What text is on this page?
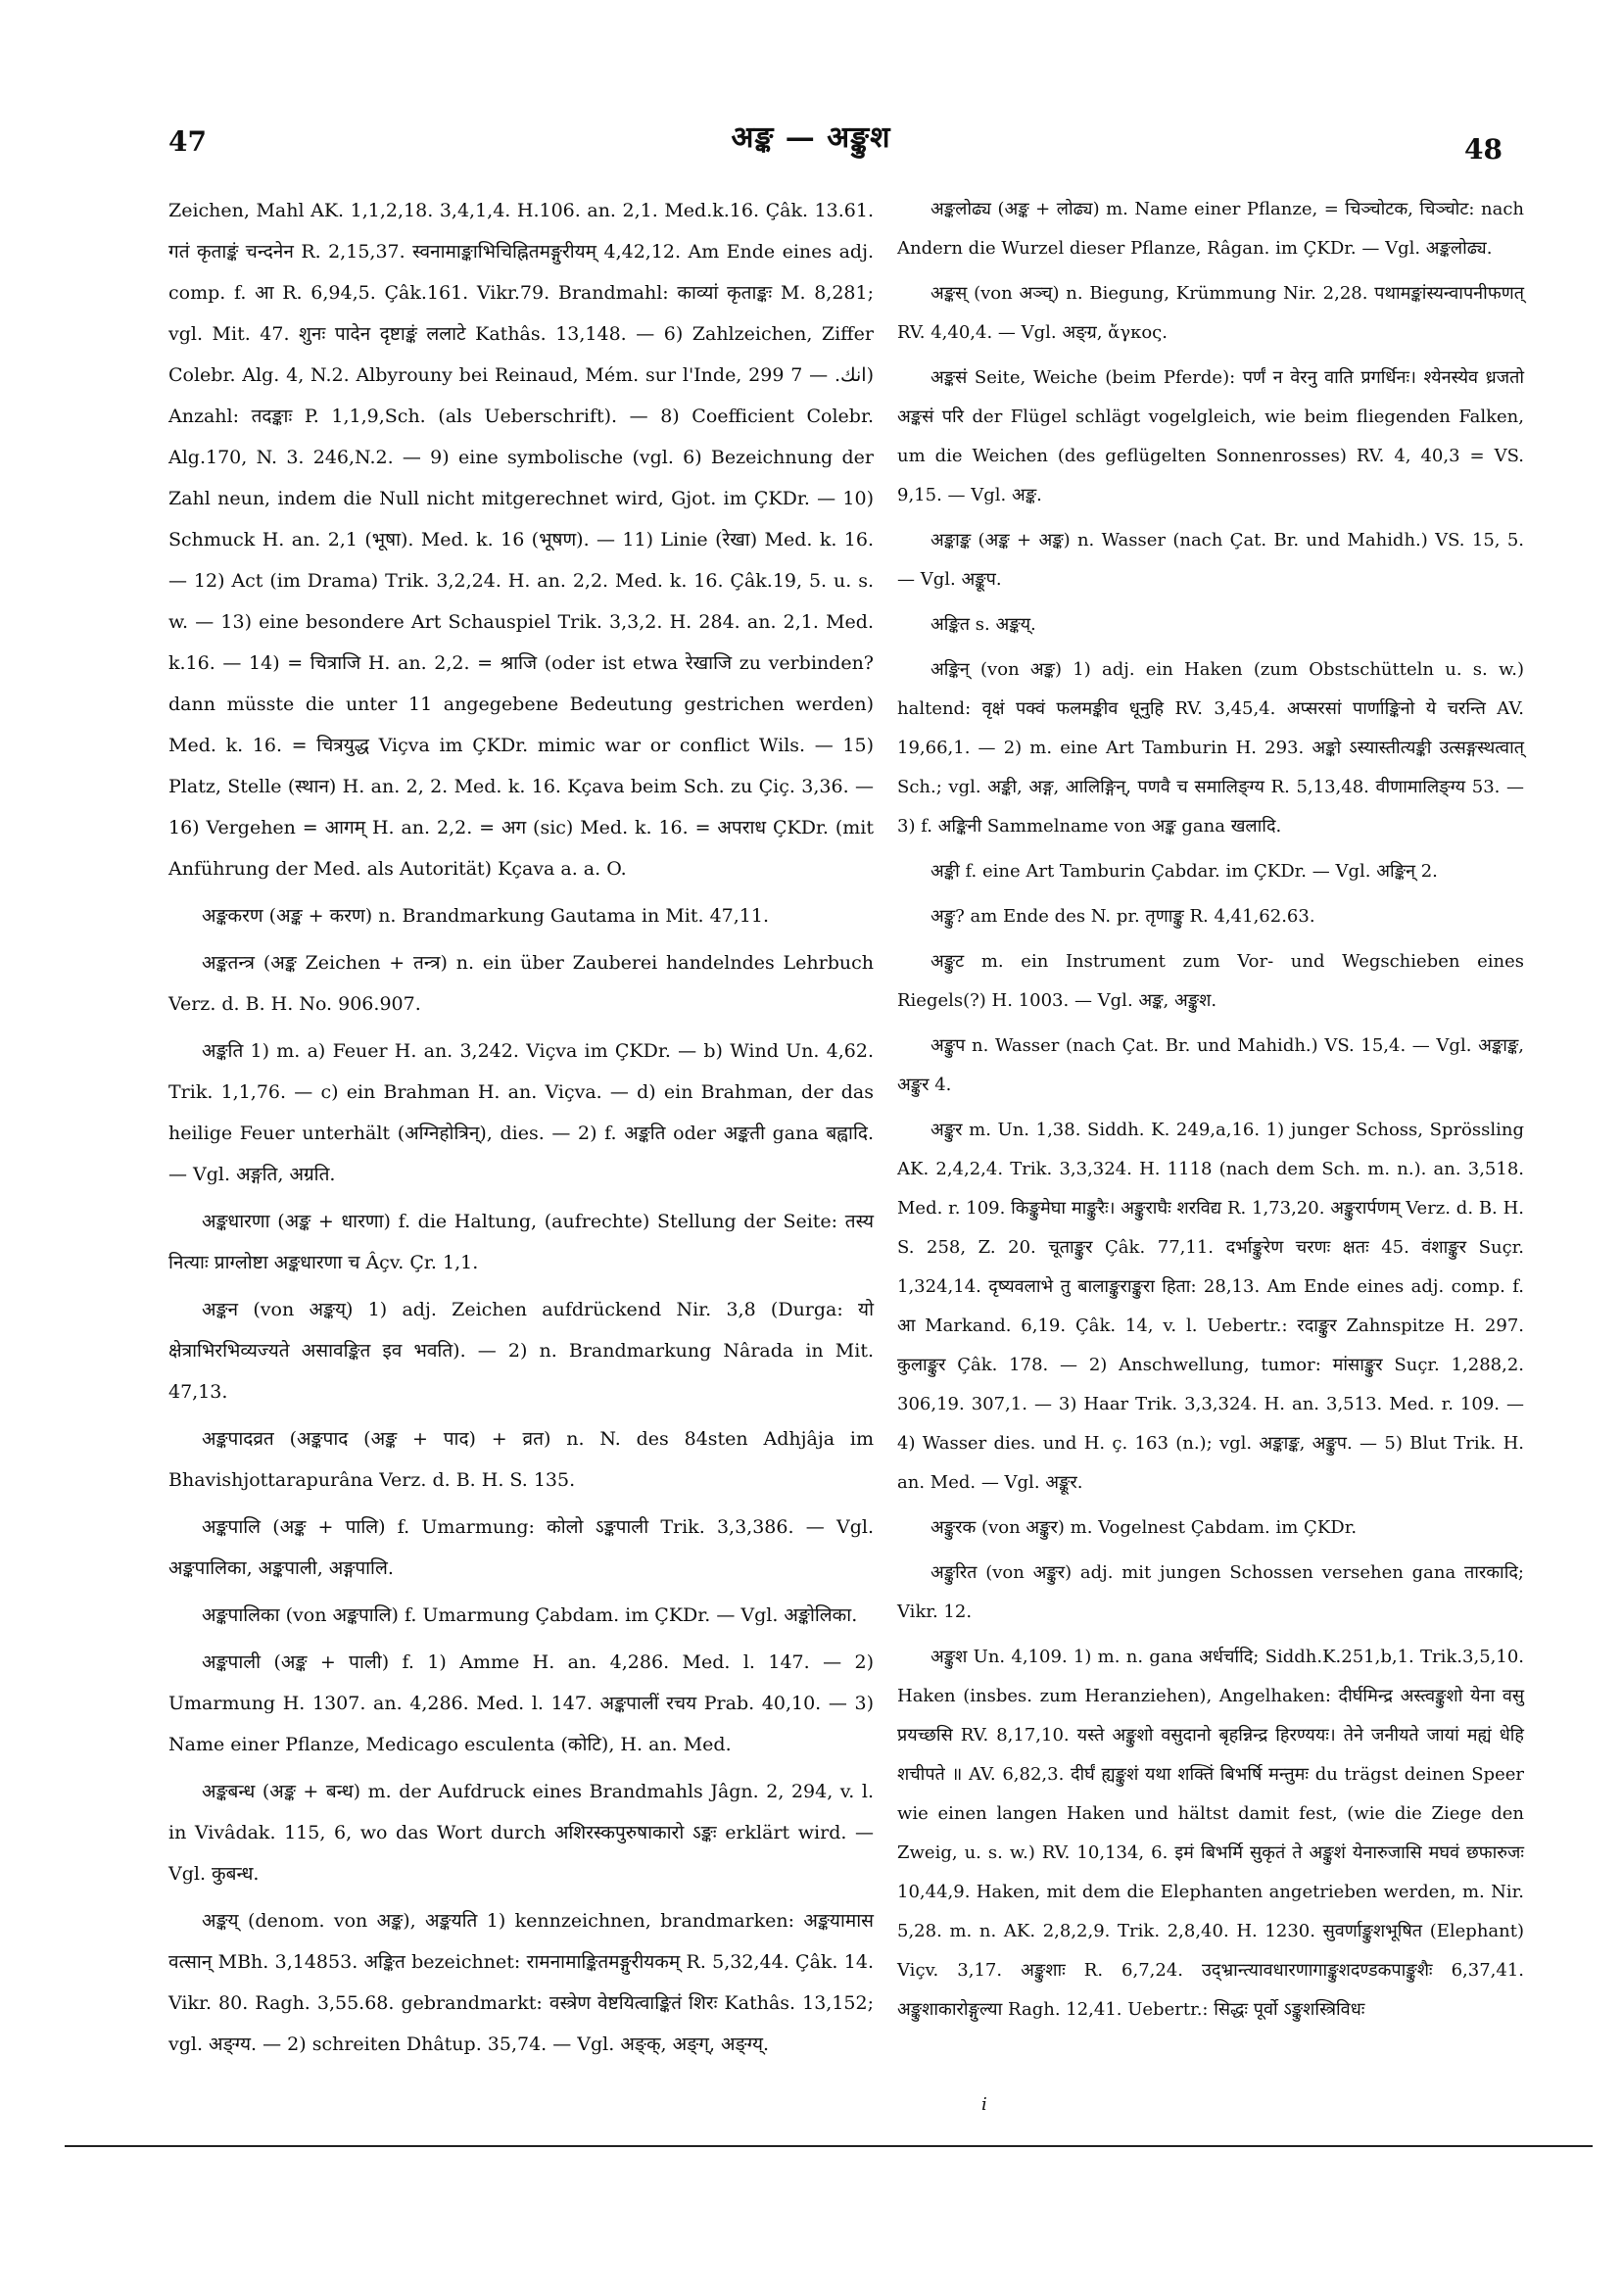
47	अङ्क — अङ्कुश	48

Zeichen, Mahl AK. 1,1,2,18. 3,4,1,4. H.106. an. 2,1. Med.k.16. Çâk. 13.61. गतं कृताङ्कं चन्दनेन R. 2,15,37. स्वनामाङ्काभिचिह्नितमङ्गुरीयम् 4,42,12. Am Ende eines adj. comp. f. आ R. 6,94,5. Çâk.161. Vikr.79. Brandmahl: काव्यां कृताङ्कः M. 8,281; vgl. Mit. 47. शुनः पादेन दृष्टाङ्कं ललाटे Kathâs. 13,148. — 6) Zahlzeichen, Ziffer Colebr. Alg. 4, N.2. Albyrouny bei Reinaud, Mém. sur l'Inde, 299 انك. — 7) Anzahl: तदङ्काः P. 1,1,9,Sch. (als Ueberschrift). — 8) Coefficient Colebr. Alg.170, N. 3. 246,N.2. — 9) eine symbolische (vgl. 6) Bezeichnung der Zahl neun, indem die Null nicht mitgerechnet wird, Gjot. im ÇKDr. — 10) Schmuck H. an. 2,1 (भूषा). Med. k. 16 (भूषण). — 11) Linie (रेखा) Med. k. 16. — 12) Act (im Drama) Trik. 3,2,24. H. an. 2,2. Med. k. 16. Çâk.19, 5. u. s. w. — 13) eine besondere Art Schauspiel Trik. 3,3,2. H. 284. an. 2,1. Med. k.16. — 14) = चित्राजि H. an. 2,2. = श्राजि (oder ist etwa रेखाजि zu verbinden? dann müsste die unter 11 angegebene Bedeutung gestrichen werden) Med. k. 16. = चित्रयुद्ध Viçva im ÇKDr. mimic war or conflict Wils. — 15) Platz, Stelle (स्थान) H. an. 2, 2. Med. k. 16. Kçava beim Sch. zu Çiç. 3,36. — 16) Vergehen = आगम् H. an. 2,2. = अग (sic) Med. k. 16. = अपराध ÇKDr. (mit Anführung der Med. als Autorität) Kçava a. a. O.

अङ्ककरण (अङ्क + करण) n. Brandmarkung Gautama in Mit. 47,11.

अङ्कतन्त्र (अङ्क Zeichen + तन्त्र) n. ein über Zauberei handelndes Lehrbuch Verz. d. B. H. No. 906.907.

अङ्कति 1) m. a) Feuer H. an. 3,242. Viçva im ÇKDr. — b) Wind Un. 4,62. Trik. 1,1,76. — c) ein Brahman H. an. Viçva. — d) ein Brahman, der das heilige Feuer unterhält (अग्निहोत्रिन्), dies. — 2) f. अङ्कति oder अङ्कती gana बह्वादि. — Vgl. अङ्गति, अग्रति.

अङ्कधारणा (अङ्क + धारणा) f. die Haltung, (aufrechte) Stellung der Seite: तस्य नित्याः प्राग्लोष्टा अङ्कधारणा च Âçv. Çr. 1,1.

अङ्कन (von अङ्कय्) 1) adj. Zeichen aufdrückend Nir. 3,8 (Durga: यो क्षेत्राभिरभिव्यज्यते असावङ्कित इव भवति). — 2) n. Brandmarkung Nârada in Mit. 47,13.

अङ्कपादव्रत (अङ्कपाद (अङ्क + पाद) + व्रत) n. N. des 84sten Adhjâja im Bhavishjottarapurâna Verz. d. B. H. S. 135.

अङ्कपालि (अङ्क + पालि) f. Umarmung: कोलो ऽङ्कपाली Trik. 3,3,386. — Vgl. अङ्कपालिका, अङ्कपाली, अङ्गपालि.

अङ्कपालिका (von अङ्कपालि) f. Umarmung Çabdam. im ÇKDr. — Vgl. अङ्कोलिका.

अङ्कपाली (अङ्क + पाली) f. 1) Amme H. an. 4,286. Med. l. 147. — 2) Umarmung H. 1307. an. 4,286. Med. l. 147. अङ्कपालीं रचय Prab. 40,10. — 3) Name einer Pflanze, Medicago esculenta (कोटि), H. an. Med.

अङ्कबन्ध (अङ्क + बन्ध) m. der Aufdruck eines Brandmahls Jâgn. 2, 294, v. l. in Vivâdak. 115, 6, wo das Wort durch अशिरस्कपुरुषाकारो ऽङ्कः erklärt wird. — Vgl. कुबन्ध.

अङ्कय् (denom. von अङ्क), अङ्कयति 1) kennzeichnen, brandmarken: अङ्कयामास वत्सान् MBh. 3,14853. अङ्कित bezeichnet: रामनामाङ्कितमङ्गुरीयकम् R. 5,32,44. Çâk. 14. Vikr. 80. Ragh. 3,55.68. gebrandmarkt: वस्त्रेण वेष्टयित्वाङ्कितं शिरः Kathâs. 13,152; vgl. अङ्ग्य. — 2) schreiten Dhâtup. 35,74. — Vgl. अङ्क्, अङ्ग्, अङ्ग्य्.

अङ्कलोढ्य (अङ्क + लोढ्य) m. Name einer Pflanze, = चिञ्चोटक, चिञ्चोट: nach Andern die Wurzel dieser Pflanze, Râgan. im ÇKDr. — Vgl. अङ्कलोढ्य.

अङ्कस् (von अञ्च्) n. Biegung, Krümmung Nir. 2,28. पथामङ्कांस्यन्वापनीफणत् RV. 4,40,4. — Vgl. अङ्ग्र, ἄγκος.

अङ्कसं Seite, Weiche (beim Pferde): पर्णं न वेरनु वाति प्रगर्धिनः। श्येनस्येव ध्रजतो अङ्कसं परि der Flügel schlägt vogelgleich, wie beim fliegenden Falken, um die Weichen (des geflügelten Sonnenrosses) RV. 4, 40,3 = VS. 9,15. — Vgl. अङ्क.

अङ्काङ्क (अङ्क + अङ्क) n. Wasser (nach Çat. Br. und Mahidh.) VS. 15, 5. — Vgl. अङ्कूप.

अङ्कित s. अङ्कय्.

अङ्किन् (von अङ्क) 1) adj. ein Haken (zum Obstschütteln u. s. w.) haltend: वृक्षं पक्वं फलमङ्कीव धूनुहि RV. 3,45,4. अप्सरसां पार्णाङ्किनो ये चरन्ति AV. 19,66,1. — 2) m. eine Art Tamburin H. 293. अङ्को ऽस्यास्तीत्यङ्की उत्सङ्गस्थत्वात् Sch.; vgl. अङ्की, अङ्ग, आलिङ्गिन्, पणवै च समालिङ्ग्य R. 5,13,48. वीणामालिङ्ग्य 53. — 3) f. अङ्किनी Sammelname von अङ्क gana खलादि.

अङ्की f. eine Art Tamburin Çabdar. im ÇKDr. — Vgl. अङ्किन् 2.

अङ्कु? am Ende des N. pr. तृणाङ्कु R. 4,41,62.63.

अङ्कुट m. ein Instrument zum Vor- und Wegschieben eines Riegels(?) H. 1003. — Vgl. अङ्क, अङ्कुश.

अङ्कुप n. Wasser (nach Çat. Br. und Mahidh.) VS. 15,4. — Vgl. अङ्काङ्क, अङ्कुर 4.

अङ्कुर m. Un. 1,38. Siddh. K. 249,a,16. 1) junger Schoss, Sprössling AK. 2,4,2,4. Trik. 3,3,324. H. 1118 (nach dem Sch. m. n.). an. 3,518. Med. r. 109. किङ्कुमेघा माङ्कुरैः। अङ्कुराघैः शरविद्य R. 1,73,20. अङ्कुरार्पणम् Verz. d. B. H. S. 258, Z. 20. चूताङ्कुर Çâk. 77,11. दर्भाङ्कुरेण चरणः क्षतः 45. वंशाङ्कुर Suçr. 1,324,14. दृष्यवलाभे तु बालाङ्कुराङ्कुरा हिता: 28,13. Am Ende eines adj. comp. f. आ Markand. 6,19. Çâk. 14, v. l. Uebertr.: रदाङ्कुर Zahnspitze H. 297. कुलाङ्कुर Çâk. 178. — 2) Anschwellung, tumor: मांसाङ्कुर Suçr. 1,288,2. 306,19. 307,1. — 3) Haar Trik. 3,3,324. H. an. 3,513. Med. r. 109. — 4) Wasser dies. und H. ç. 163 (n.); vgl. अङ्काङ्क, अङ्कुप. — 5) Blut Trik. H. an. Med. — Vgl. अङ्कूर.

अङ्कुरक (von अङ्कुर) m. Vogelnest Çabdam. im ÇKDr.

अङ्कुरित (von अङ्कुर) adj. mit jungen Schossen versehen gana तारकादि; Vikr. 12.

अङ्कुश Un. 4,109. 1) m. n. gana अर्धर्चादि; Siddh.K.251,b,1. Trik.3,5,10. Haken (insbes. zum Heranziehen), Angelhaken: दीर्घमिन्द्र अस्त्वङ्कुशो येना वसु प्रयच्छसि RV. 8,17,10. यस्ते अङ्कुशो वसुदानो बृहन्निन्द्र हिरण्ययः। तेने जनीयते जायां मह्यं धेहि शचीपते ॥ AV. 6,82,3. दीर्घं ह्यङ्कुशं यथा शक्तिं बिभर्षि मन्तुमः du trägst deinen Speer wie einen langen Haken und hältst damit fest, (wie die Ziege den Zweig, u. s. w.) RV. 10,134, 6. इमं बिभर्मि सुकृतं ते अङ्कुशं येनारुजासि मघवं छफारुजः 10,44,9. Haken, mit dem die Elephanten angetrieben werden, m. Nir. 5,28. m. n. AK. 2,8,2,9. Trik. 2,8,40. H. 1230. सुवर्णाङ्कुशभूषित (Elephant) Viçv. 3,17. अङ्कुशाः R. 6,7,24. उद्भ्रान्त्यावधारणागाङ्कुशदण्डकपाङ्कुशैः 6,37,41. अङ्कुशाकारोङ्गुल्या Ragh. 12,41. Uebertr.: सिद्धः पूर्वो ऽङ्कुशस्त्रिविधः

i
